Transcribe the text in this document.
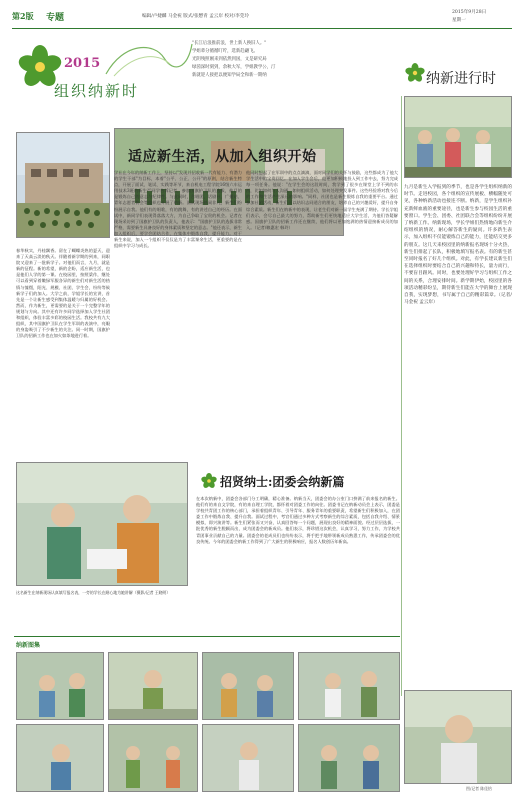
第2版 专题	编辑/卢婕麟 马金祝 版式/张懋青 孟云岸 校对/李莞玲
2015年9月28日
星期一
2015
组织纳新时
"长江后浪推前浪，世上新人换旧人。"
学姐辈分循循叮咛，选新趋翩飞。
光阴残照刚来到依然到国，文是研究局
绿茵深时刻到，余秋大军，学姐教学公，汀
新就迎人接把以便知学局全和新一期纳	纳新进行时
适应新生活，从加入组织开始
春华秋实，丹桂飘香。留在了蝴蝶炎热的夏天，迎来了天高云淡的秋天。伴随着新学期的到来，同职院又迎来了一批新学子。对他们而言，九月，就是新的征程。新的希望，新的企盼，适应新生活，也是他们人学的第一课。在校园里，按照梁作，继处可以看到穿着嫩绿军服各异的新生们对新生活的热情与憧憬，阳光、规模、社团、学生会，纷纷等候新学子们的加入。大学之前，学姐学长的宣讲，首先是一个让新生感受到集体温暖与归属的好机会。然而，作为新生，更需要的是关于一个完整学年的规划与方向。其中还有许多同学选择加入学生社团和组织，体验丰富多彩的校园生活。我校共有九大组织，其中国旗护卫队在学生军训的表演中，亮眼的身姿吸引了不少新生的关注。同一时期，国旗护卫队的招新工作也在如火如荼地进行着。
学社在今年的纳新工作上，坚持以"发现并招收新一代有能力、有潜力的学生干部"为目标，本着"公平、公正、公开"的原则，结合新生特点，开展了面试、笔试、实践等环节，来自机电工程学院16级六车运用技术3班的新生严同学告诉记者，参加国旗护卫队的选拔，他目的是锻炼自己的意志与纪律性。与此同时，合唱团、话剧社、广播站、青年志愿者协会等组织也开展了纳新。面试现场热闹非凡，新生们纷纷展示自我。他们有的唱歌，有的跳舞，有的讲述自己的经历。在面试中，新同学们表现得落落大方，为自己争取了宝贵的机会。记者在现场采访到了国旗护卫队的负责人，他表示："国旗护卫队的选拔非常严格，需要新生具备良好的身体素质和坚定的意志。"他还表示，新生加入组织后，要学会团结合作，在集体中锻炼自我，提升能力。对于新生来说，加入一个组织不仅仅是为了丰富课余生活，更重要的是在组织中学习与成长。
他同时想起了在军训中的点点滴滴，面对同学们的关怀与鼓励，这些都成为了他大学生活中的宝贵回忆。在加入学生会后，他更加积极地投入到工作中去，努力完成每一项任务。他说："在学生会的这段时间，我学到了很多在课堂上学不到的东西，比如如何与人沟通，如何组织活动，如何处理突发事件。这些经验将对我今后的工作和生活产生深远的影响。"同样，社团也是新生锻炼自我的重要平台。通过参加社团活动，新生们可以结识志同道合的朋友，培养自己的兴趣爱好，提升自身综合素质。新生们在纳新中的表现，让老生们对新一届学生充满了期待。学长学姐们表示，会尽自己最大的努力，帮助新生们更快地适应大学生活，为他们答疑解惑。国旗护卫队的招新工作还在继续，他们将以更加饱满的热情迎接新成员的加入。（记者/赖惠宏 韩玲）
九月是新生入学报到的季节，也是各学生组织纳新的时节。走进校园，各个组织的宣传展板、横幅随处可见，各种纳新活动也接连不断。纳新，是学生组织补充新鲜血液的重要途径，也是新生参与校园生活的重要窗口。学生会、团委、社团联合会等组织纷纷开展了纳新工作。纳新现场，学长学姐们热情地向新生介绍组织的情况，耐心解答新生的疑问。许多新生表示，加入组织不仅能锻炼自己的能力，还能结交更多的朋友。这几天来校园里的纳新报名现场十分火热，新生们排起了长队，积极地填写报名表。有的新生甚至同时报名了好几个组织。对此，有学长建议新生们在选择组织时要结合自己的兴趣和特长，量力而行，不要盲目跟风。同时，也要处理好学习与组织工作之间的关系，合理安排时间。新学期伊始，校园里的各项活动精彩纷呈，期待新生们能在大学的舞台上展现自我，实现梦想，书写属于自己的精彩篇章。（记者/马金祝 孟云岸）
这名新生在纳新现场认真填写报名表，一旁的学长在耐心地为她讲解（摄影/记者 王晓明）
招贤纳士:团委会纳新篇
在本次纳新中，团委会各部门分工明确，精心准备。纳新当天，团委会的办公室门口挤满了前来报名的新生。他们有的来自文学院，有的来自理工学院，都怀着对团委工作的向往。团委书记在纳新动员会上表示，团委是学校共青团工作的核心部门，承担着组织青年、引导青年、服务青年的重要职责，希望新生们积极加入，在团委工作中锻炼自我、提升自我。面试过程中，考官们通过多种方式考察新生的综合素质，包括自我介绍、情景模拟、即兴演讲等。新生们紧张而又兴奋，认真回答每一个问题，展现出良好的精神面貌。经过层层选拔，一批优秀的新生脱颖而出，成为团委会的新成员。他们表示，将珍惜这次机会，认真学习，努力工作，为学校共青团事业贡献自己的力量。团委会的老成员们也纷纷表示，将手把手地带领新成员熟悉工作，传承团委会的优良传统。今年的团委会纳新工作得到了广大新生的积极响应，报名人数创历年新高。
纳新图集
图/记者 陈佳怡
